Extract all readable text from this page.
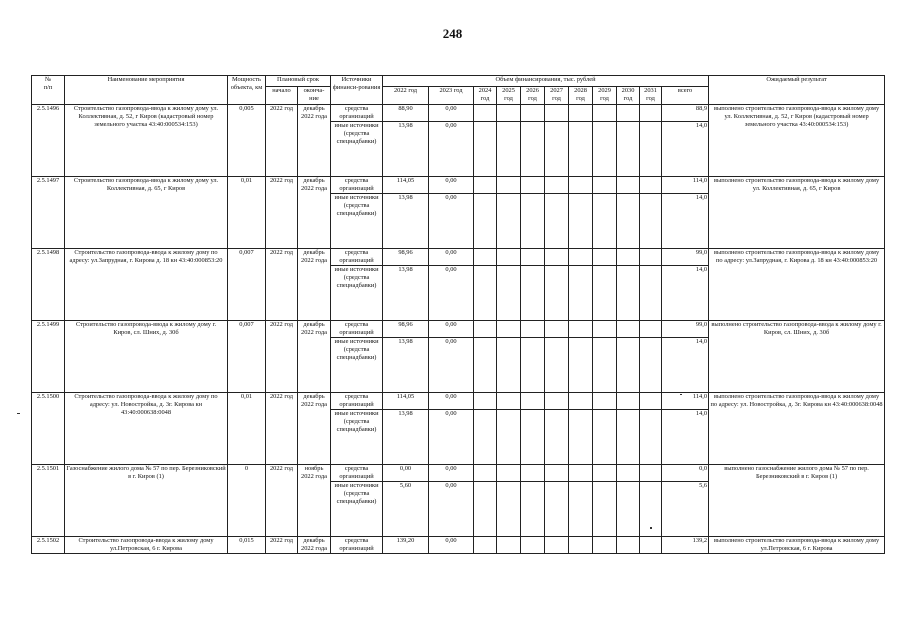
248
№
п/п	Наименование мероприятия	Мощность объекта, км	Плановый срок		Источники финанси-рования	Объем финансирования, тыс. рублей											Ожидаемый результат
			начало	оконча-ние		2022 год	2023 год	2024 год	2025 год	2026 год	2027 год	2028 год	2029 год	2030 год	2031 год	всего	
2.5.1496	Строительство газопровода-ввода к жилому дому ул. Коллективная, д. 52, г Киров (кадастровый номер земельного участка 43:40:000534:153)	0,005	2022 год	декабрь 2022 года	средства организаций	88,90	0,00									88,9	выполнено строительство газопровода-ввода к жилому дому ул. Коллективная, д. 52, г Киров (кадастровый номер земельного участка 43:40:000534:153)
					иные источники (средства спецнадбавки)	13,98	0,00									14,0	
2.5.1497	Строительство газопровода-ввода к жилому дому ул. Коллективная, д. 65, г Киров	0,01	2022 год	декабрь 2022 года	средства организаций	114,05	0,00									114,0	выполнено строительство газопровода-ввода к жилому дому ул. Коллективная, д. 65, г Киров
					иные источники (средства спецнадбавки)	13,98	0,00									14,0	
2.5.1498	Строительство газопровода-ввода к жилому дому по адресу: ул.Запрудная, г. Кирова д. 18 кн 43:40:000853:20	0,007	2022 год	декабрь 2022 года	средства организаций	98,96	0,00									99,0	выполнено строительство газопровода-ввода к жилому дому по адресу: ул.Запрудная, г. Кирова д. 18 кн 43:40:000853:20
					иные источники (средства спецнадбавки)	13,98	0,00									14,0	
2.5.1499	Строительство газопровода-ввода к жилому дому г. Киров, сл. Шних, д. 30б	0,007	2022 год	декабрь 2022 года	средства организаций	98,96	0,00									99,0	выполнено строительство газопровода-ввода к жилому дому г. Киров, сл. Шних, д. 30б
					иные источники (средства спецнадбавки)	13,98	0,00									14,0	
2.5.1500	Строительство газопровода-ввода к жилому дому по адресу: ул. Новостройка, д. 3г. Кирова кн 43:40:000638:0048	0,01	2022 год	декабрь 2022 года	средства организаций	114,05	0,00									114,0	выполнено строительство газопровода-ввода к жилому дому по адресу: ул. Новостройка, д. 3г. Кирова кн 43:40:000638:0048
					иные источники (средства спецнадбавки)	13,98	0,00									14,0	
2.5.1501	Газоснабжение жилого дома № 57 по пер. Березниковский в г. Киров (1)	0	2022 год	ноябрь 2022 года	средства организаций	0,00	0,00									0,0	выполнено газоснабжение жилого дома № 57 по пер. Березниковский в г. Киров (1)
					иные источники (средства спецнадбавки)	5,60	0,00									5,6	
2.5.1502	Строительство газопровода-ввода к жилому дому ул.Петровская, 6 г. Кирова	0,015	2022 год	декабрь 2022 года	средства организаций	139,20	0,00									139,2	выполнено строительство газопровода-ввода к жилому дому ул.Петровская, 6 г. Кирова
